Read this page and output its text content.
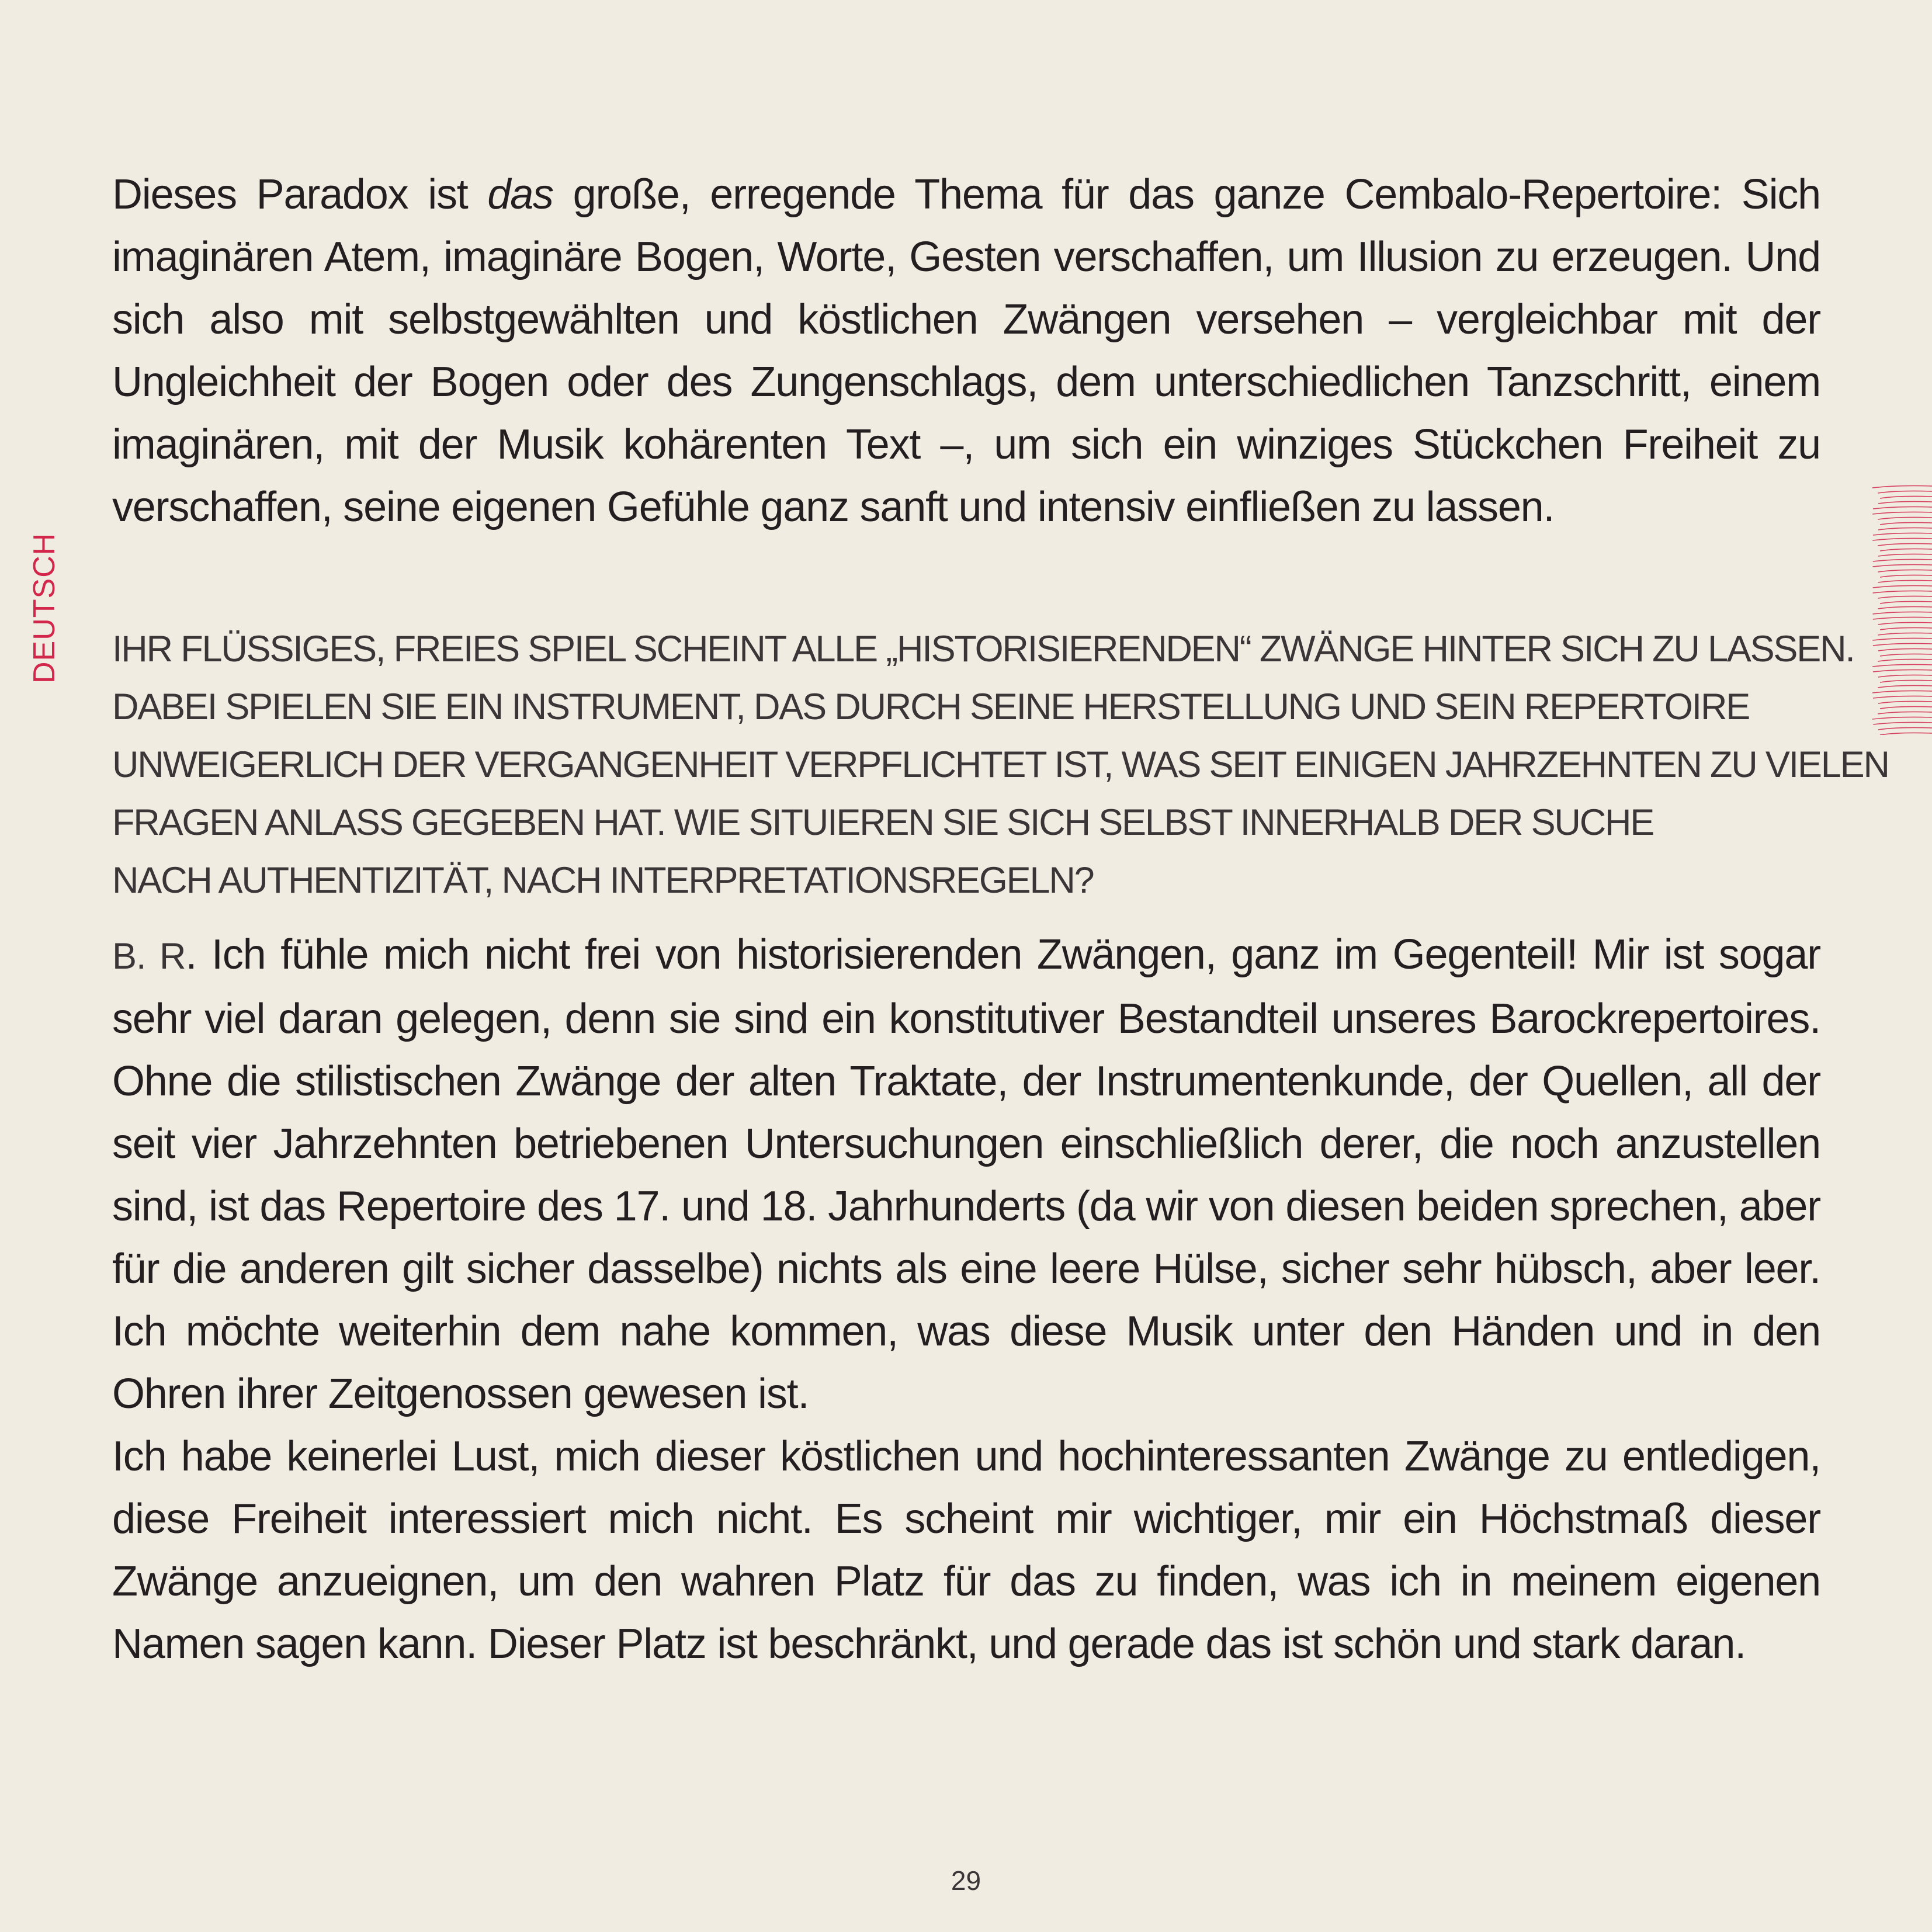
Dieses Paradox ist das große, erregende Thema für das ganze Cembalo-Repertoire: Sich imaginären Atem, imaginäre Bogen, Worte, Gesten verschaffen, um Illusion zu erzeugen. Und sich also mit selbstgewählten und köstlichen Zwängen versehen – vergleichbar mit der Ungleichheit der Bogen oder des Zungenschlags, dem unterschiedlichen Tanzschritt, einem imaginären, mit der Musik kohärenten Text –, um sich ein winziges Stückchen Freiheit zu verschaffen, seine eigenen Gefühle ganz sanft und intensiv einfließen zu lassen.
IHR FLÜSSIGES, FREIES SPIEL SCHEINT ALLE „HISTORISIERENDEN“ ZWÄNGE HINTER SICH ZU LASSEN.
DABEI SPIELEN SIE EIN INSTRUMENT, DAS DURCH SEINE HERSTELLUNG UND SEIN REPERTOIRE
UNWEIGERLICH DER VERGANGENHEIT VERPFLICHTET IST, WAS SEIT EINIGEN JAHRZEHNTEN ZU VIELEN
FRAGEN ANLASS GEGEBEN HAT. WIE SITUIEREN SIE SICH SELBST INNERHALB DER SUCHE
NACH AUTHENTIZITÄT, NACH INTERPRETATIONSREGELN?

B. R. Ich fühle mich nicht frei von historisierenden Zwängen, ganz im Gegenteil! Mir ist sogar sehr viel daran gelegen, denn sie sind ein konstitutiver Bestandteil unseres Barockrepertoires. Ohne die stilistischen Zwänge der alten Traktate, der Instrumentenkunde, der Quellen, all der seit vier Jahrzehnten betriebenen Untersuchungen einschließlich derer, die noch anzustellen sind, ist das Repertoire des 17. und 18. Jahrhunderts (da wir von diesen beiden sprechen, aber für die anderen gilt sicher dasselbe) nichts als eine leere Hülse, sicher sehr hübsch, aber leer. Ich möchte weiterhin dem nahe kommen, was diese Musik unter den Händen und in den Ohren ihrer Zeitgenossen gewesen ist.

Ich habe keinerlei Lust, mich dieser köstlichen und hochinteressanten Zwänge zu entledigen, diese Freiheit interessiert mich nicht. Es scheint mir wichtiger, mir ein Höchstmaß dieser Zwänge anzueignen, um den wahren Platz für das zu finden, was ich in meinem eigenen Namen sagen kann. Dieser Platz ist beschränkt, und gerade das ist schön und stark daran.

DEUTSCH
29
